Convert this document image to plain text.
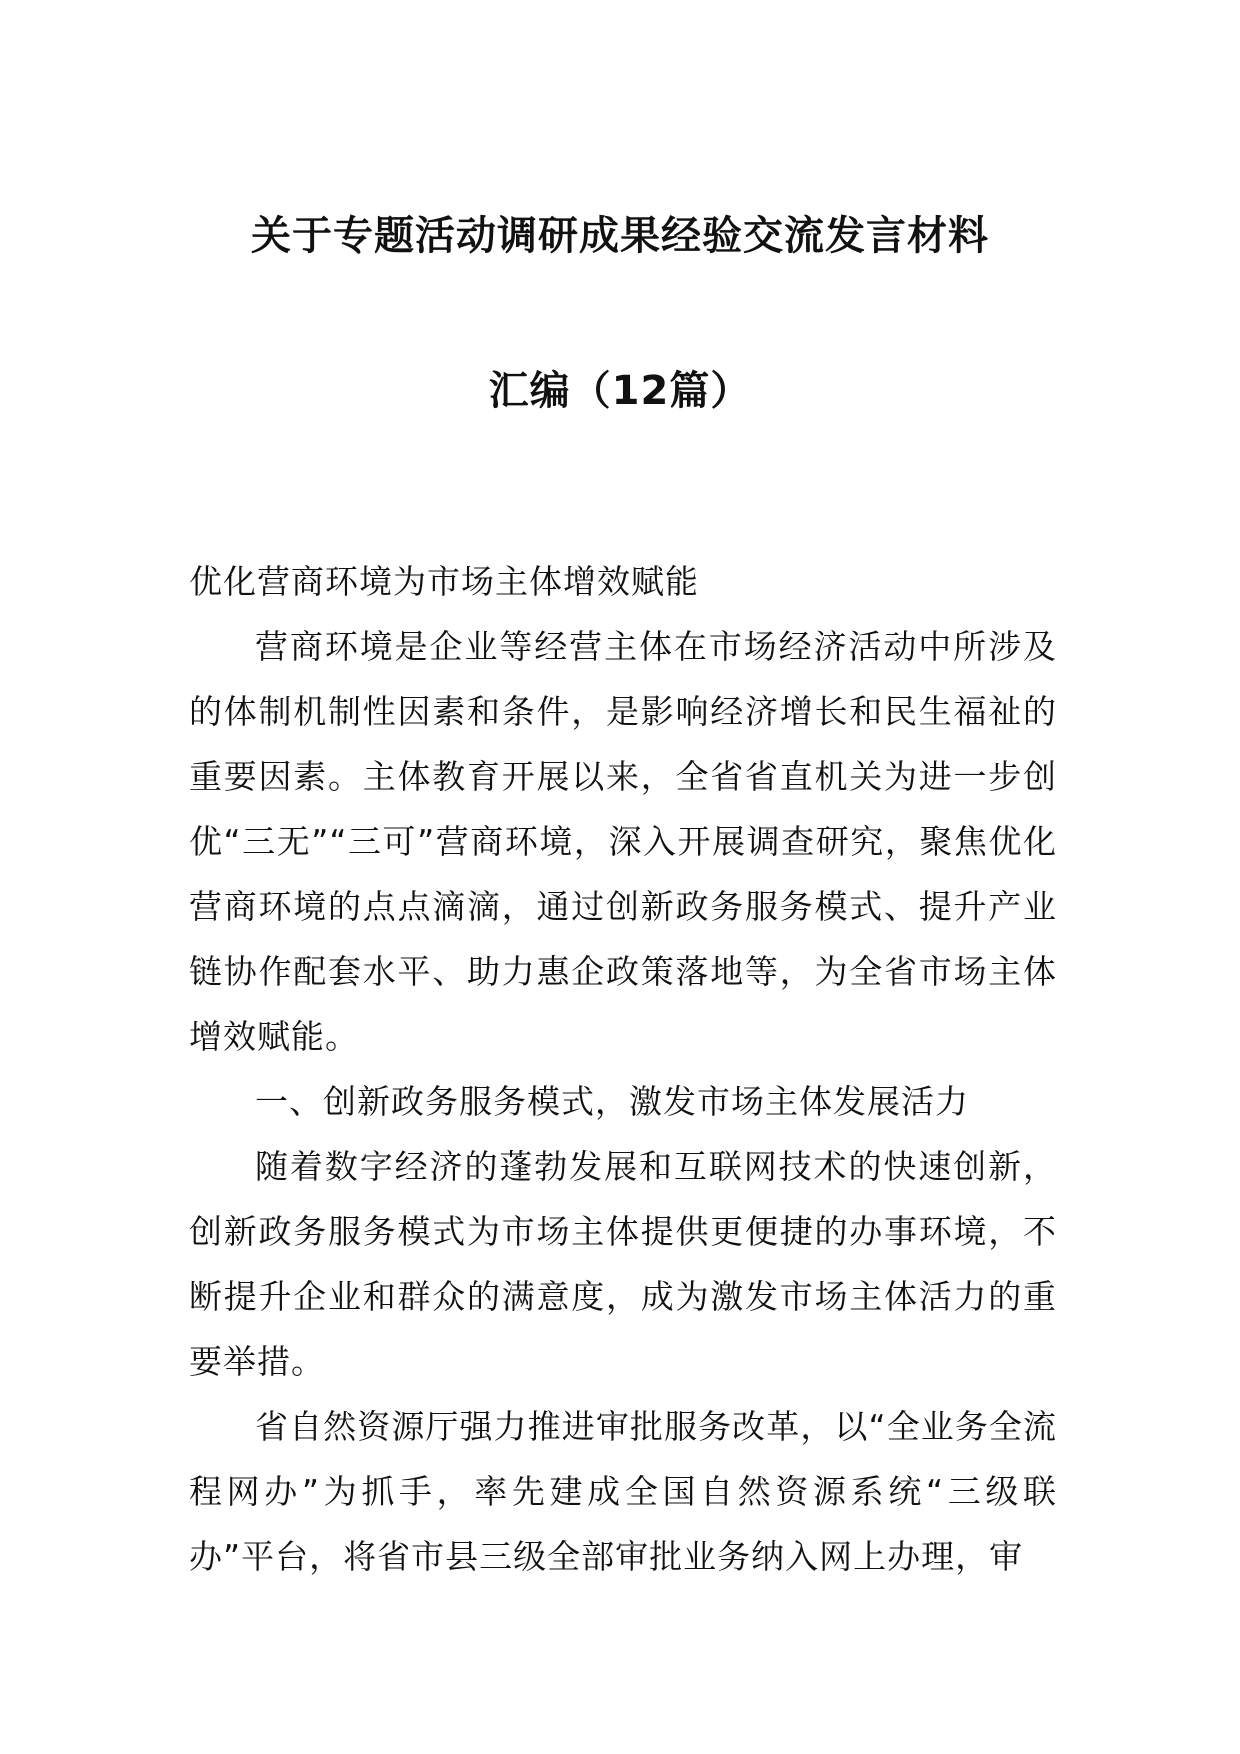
关于专题活动调研成果经验交流发言材料
汇编（12篇）

优化营商环境为市场主体增效赋能

营商环境是企业等经营主体在市场经济活动中所涉及的体制机制性因素和条件，是影响经济增长和民生福祉的重要因素。主体教育开展以来，全省省直机关为进一步创优“三无”“三可”营商环境，深入开展调查研究，聚焦优化营商环境的点点滴滴，通过创新政务服务模式、提升产业链协作配套水平、助力惠企政策落地等，为全省市场主体增效赋能。

一、创新政务服务模式，激发市场主体发展活力

随着数字经济的蓬勃发展和互联网技术的快速创新，创新政务服务模式为市场主体提供更便捷的办事环境，不断提升企业和群众的满意度，成为激发市场主体活力的重要举措。

省自然资源厅强力推进审批服务改革，以“全业务全流程网办”为抓手，率先建成全国自然资源系统“三级联办”平台，将省市县三级全部审批业务纳入网上办理，审
